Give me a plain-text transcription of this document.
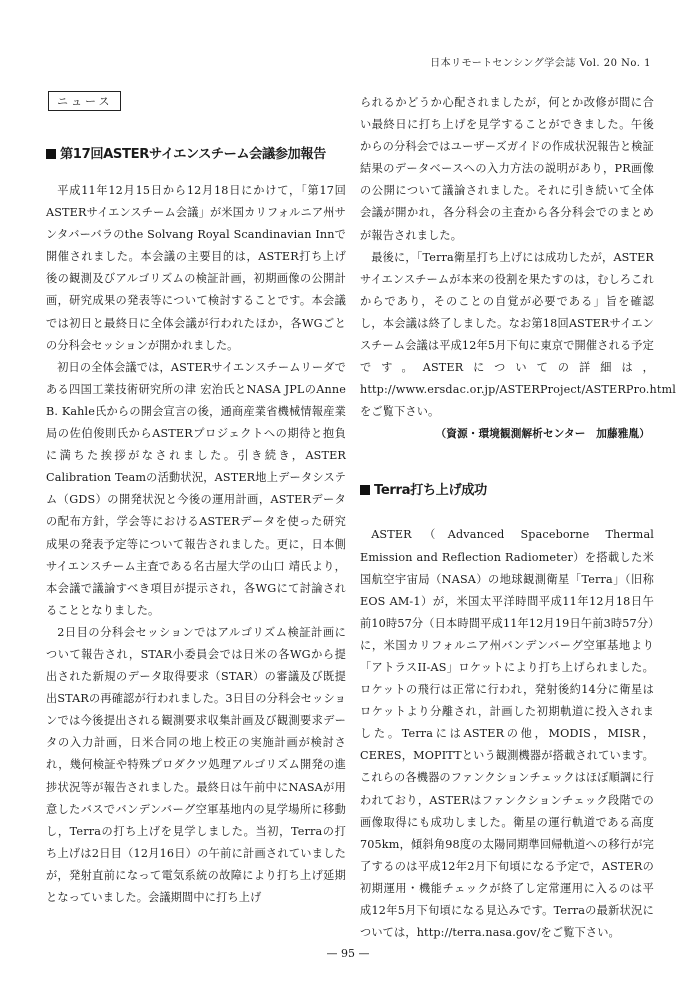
日本リモートセンシング学会誌 Vol. 20 No. 1
ニュース
第17回ASTERサイエンスチーム会議参加報告

平成11年12月15日から12月18日にかけて，「第17回ASTERサイエンスチーム会議」が米国カリフォルニア州サンタバーバラのthe Solvang Royal Scandinavian Innで開催されました。本会議の主要目的は，ASTER打ち上げ後の観測及びアルゴリズムの検証計画，初期画像の公開計画，研究成果の発表等について検討することです。本会議では初日と最終日に全体会議が行われたほか，各WGごとの分科会セッションが開かれました。

初日の全体会議では，ASTERサイエンスチームリーダである四国工業技術研究所の津 宏治氏とNASA JPLのAnne B. Kahle氏からの開会宣言の後，通商産業省機械情報産業局の佐伯俊則氏からASTERプロジェクトへの期待と抱負に満ちた挨拶がなされました。引き続き，ASTER Calibration Teamの活動状況，ASTER地上データシステム（GDS）の開発状況と今後の運用計画，ASTERデータの配布方針，学会等におけるASTERデータを使った研究成果の発表予定等について報告されました。更に，日本側サイエンスチーム主査である名古屋大学の山口 靖氏より，本会議で議論すべき項目が提示され，各WGにて討論されることとなりました。

2日目の分科会セッションではアルゴリズム検証計画について報告され，STAR小委員会では日米の各WGから提出された新規のデータ取得要求（STAR）の審議及び既提出STARの再確認が行われました。3日目の分科会セッションでは今後提出される観測要求収集計画及び観測要求データの入力計画，日米合同の地上校正の実施計画が検討され，幾何検証や特殊プロダクツ処理アルゴリズム開発の進捗状況等が報告されました。最終日は午前中にNASAが用意したバスでバンデンバーグ空軍基地内の見学場所に移動し，Terraの打ち上げを見学しました。当初，Terraの打ち上げは2日目（12月16日）の午前に計画されていましたが，発射直前になって電気系統の故障により打ち上げ延期となっていました。会議期間中に打ち上げ

られるかどうか心配されましたが，何とか改修が間に合い最終日に打ち上げを見学することができました。午後からの分科会ではユーザーズガイドの作成状況報告と検証結果のデータベースへの入力方法の説明があり，PR画像の公開について議論されました。それに引き続いて全体会議が開かれ，各分科会の主査から各分科会でのまとめが報告されました。

最後に，「Terra衛星打ち上げには成功したが，ASTERサイエンスチームが本来の役割を果たすのは，むしろこれからであり，そのことの自覚が必要である」旨を確認し，本会議は終了しました。なお第18回ASTERサイエンスチーム会議は平成12年5月下旬に東京で開催される予定です。ASTERについての詳細は，http://www.ersdac.or.jp/ASTERProject/ASTERPro.htmlをご覧下さい。

（資源・環境観測解析センター　加藤雅胤）

Terra打ち上げ成功

ASTER（Advanced Spaceborne Thermal Emission and Reflection Radiometer）を搭載した米国航空宇宙局（NASA）の地球観測衛星「Terra」（旧称EOS AM-1）が，米国太平洋時間平成11年12月18日午前10時57分（日本時間平成11年12月19日午前3時57分）に，米国カリフォルニア州バンデンバーグ空軍基地より「アトラスII-AS」ロケットにより打ち上げられました。ロケットの飛行は正常に行われ，発射後約14分に衛星はロケットより分離され，計画した初期軌道に投入されました。TerraにはASTERの他，MODIS，MISR，CERES，MOPITTという観測機器が搭載されています。これらの各機器のファンクションチェックはほぼ順調に行われており，ASTERはファンクションチェック段階での画像取得にも成功しました。衛星の運行軌道である高度705km，傾斜角98度の太陽同期準回帰軌道への移行が完了するのは平成12年2月下旬頃になる予定で，ASTERの初期運用・機能チェックが終了し定常運用に入るのは平成12年5月下旬頃になる見込みです。Terraの最新状況については，http://terra.nasa.gov/をご覧下さい。

— 95 —
